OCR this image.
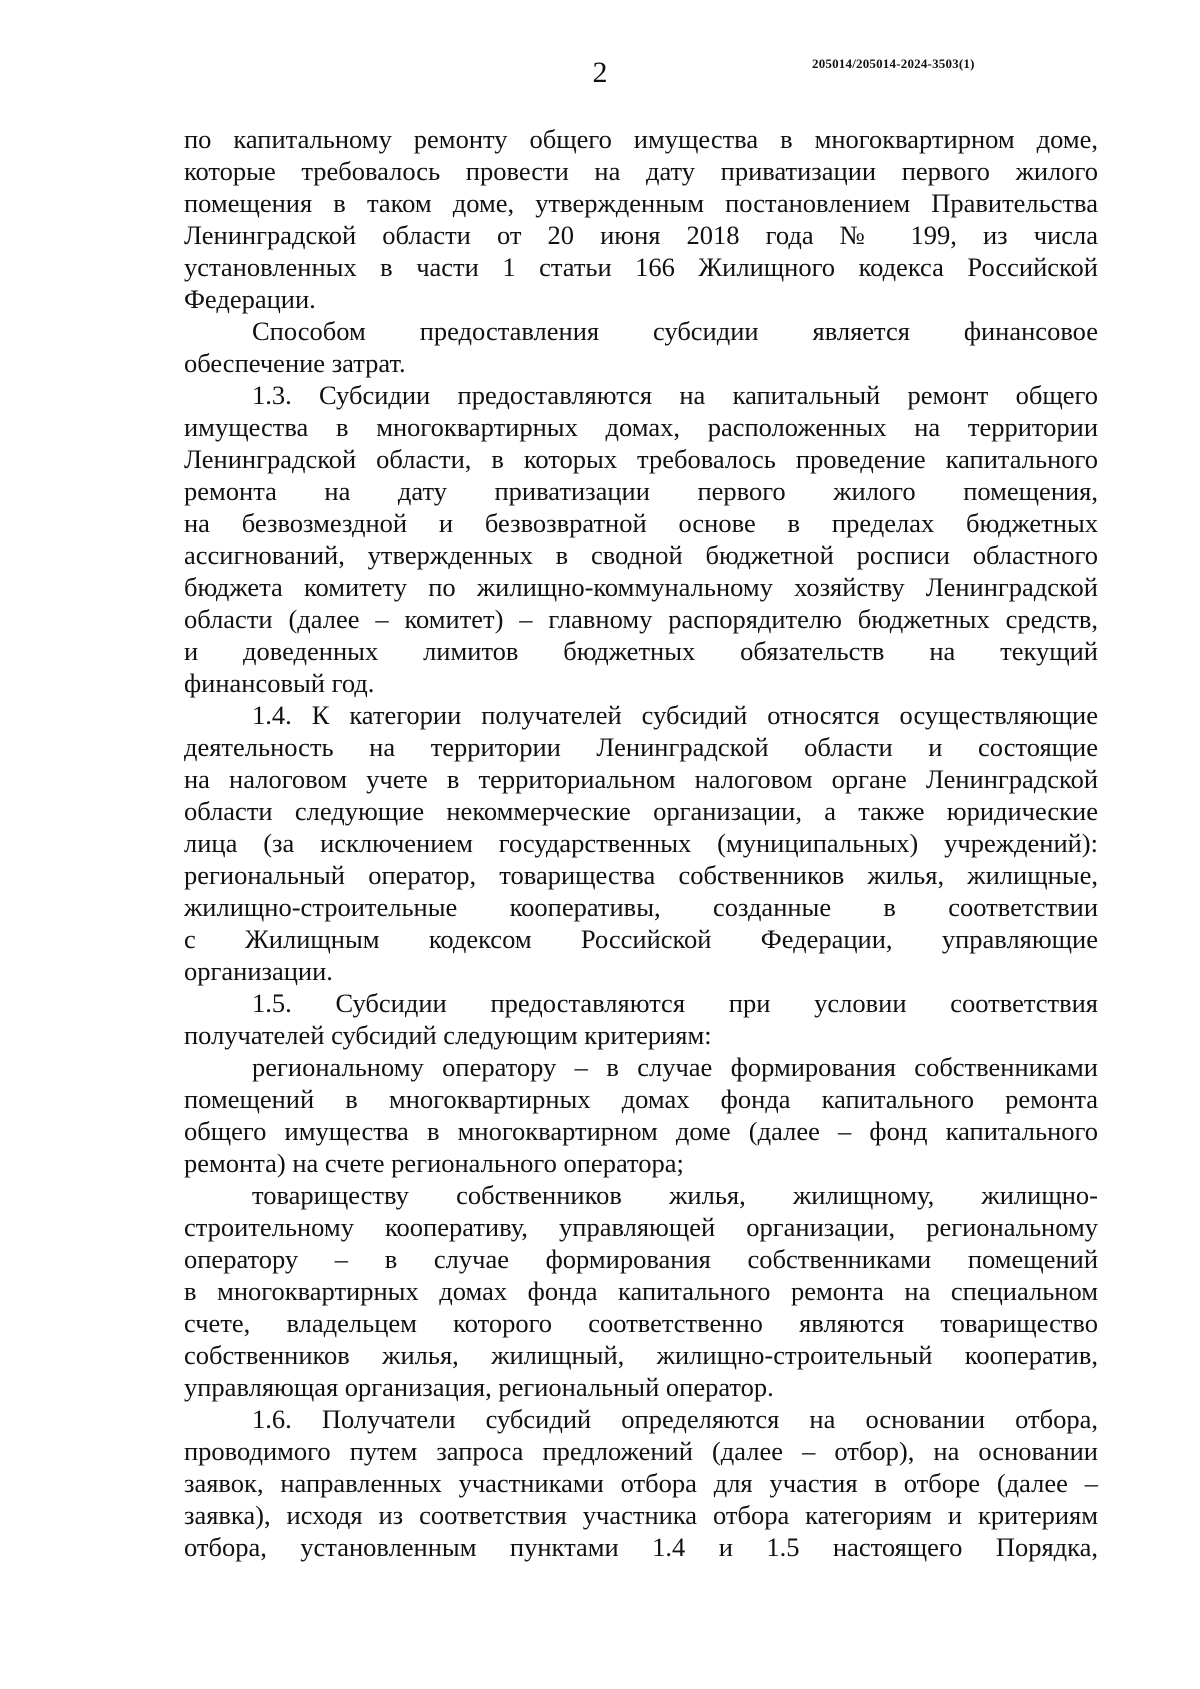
2	205014/205014-2024-3503(1)
по капитальному ремонту общего имущества в многоквартирном доме,
которые требовалось провести на дату приватизации первого жилого
помещения в таком доме, утвержденным постановлением Правительства
Ленинградской области от 20 июня 2018 года № 199, из числа
установленных в части 1 статьи 166 Жилищного кодекса Российской
Федерации.
Способом предоставления субсидии является финансовое
обеспечение затрат.
1.3. Субсидии предоставляются на капитальный ремонт общего
имущества в многоквартирных домах, расположенных на территории
Ленинградской области, в которых требовалось проведение капитального
ремонта на дату приватизации первого жилого помещения,
на безвозмездной и безвозвратной основе в пределах бюджетных
ассигнований, утвержденных в сводной бюджетной росписи областного
бюджета комитету по жилищно-коммунальному хозяйству Ленинградской
области (далее – комитет) – главному распорядителю бюджетных средств,
и доведенных лимитов бюджетных обязательств на текущий
финансовый год.
1.4. К категории получателей субсидий относятся осуществляющие
деятельность на территории Ленинградской области и состоящие
на налоговом учете в территориальном налоговом органе Ленинградской
области следующие некоммерческие организации, а также юридические
лица (за исключением государственных (муниципальных) учреждений):
региональный оператор, товарищества собственников жилья, жилищные,
жилищно-строительные кооперативы, созданные в соответствии
с Жилищным кодексом Российской Федерации, управляющие
организации.
1.5. Субсидии предоставляются при условии соответствия
получателей субсидий следующим критериям:
региональному оператору – в случае формирования собственниками
помещений в многоквартирных домах фонда капитального ремонта
общего имущества в многоквартирном доме (далее – фонд капитального
ремонта) на счете регионального оператора;
товариществу собственников жилья, жилищному, жилищно-
строительному кооперативу, управляющей организации, региональному
оператору – в случае формирования собственниками помещений
в многоквартирных домах фонда капитального ремонта на специальном
счете, владельцем которого соответственно являются товарищество
собственников жилья, жилищный, жилищно-строительный кооператив,
управляющая организация, региональный оператор.
1.6. Получатели субсидий определяются на основании отбора,
проводимого путем запроса предложений (далее – отбор), на основании
заявок, направленных участниками отбора для участия в отборе (далее –
заявка), исходя из соответствия участника отбора категориям и критериям
отбора, установленным пунктами 1.4 и 1.5 настоящего Порядка,
